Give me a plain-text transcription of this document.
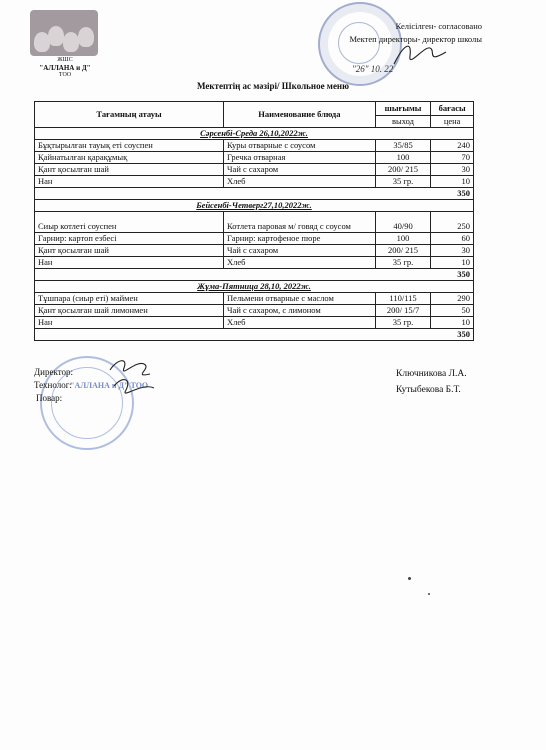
ЖШС
"АЛЛАНА и Д"
ТОО
Келісілген- согласовано
Мектеп директоры- директор школы
"26" 10. 22
Мектептің ас мәзірі/ Школьное меню
Тағамның атауы	Наименование блюда	шығымы	бағасы
		выход	цена
Сәрсенбі-Среда 26,10,2022ж.			
Бұқтырылған тауық еті соуспен	Куры отварные с соусом	35/85	240
Қайнатылған қарақұмық	Гречка отварная	100	70
Қант қосылған шай	Чай с сахаром	200/ 215	30
Нан	Хлеб	35 гр.	10
350			
Бейсенбі-Четверг27,10,2022ж.			
Сиыр котлеті соуспен	Котлета паровая м/ говяд с соусом	40/90	250
Гарнир: картоп езбесі	Гарнир: картофеное пюре	100	60
Қант қосылған шай	Чай с сахаром	200/ 215	30
Нан	Хлеб	35 гр.	10
350			
Жұма-Пятница 28,10, 2022ж.			
Тұшпара (сиыр еті) маймен	Пельмени отварные с маслом	110/115	290
Қант қосылған шай лимонмен	Чай с сахаром, с лимоном	200/ 15/7	50
Нан	Хлеб	35 гр.	10
350			
"АЛЛАНА и Д" ТОО
Директор:
Технолог:
Повар:
Ключникова Л.А.
Кутыбекова Б.Т.
